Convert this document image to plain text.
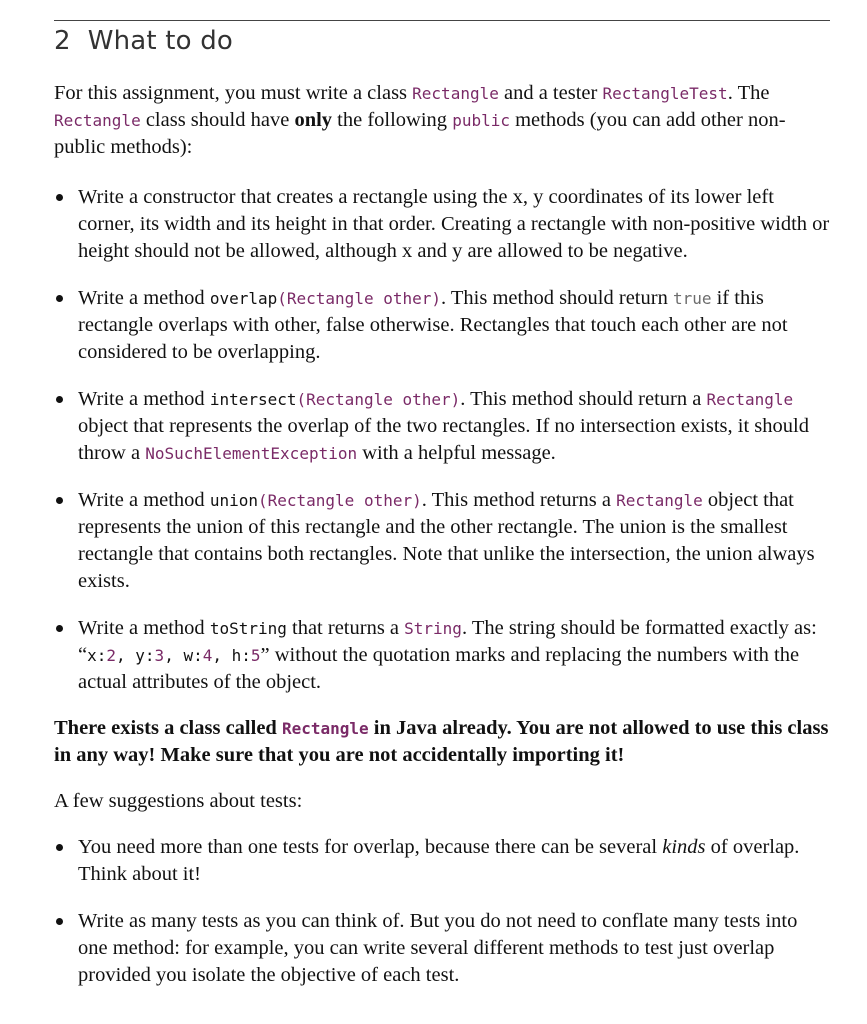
2 What to do

For this assignment, you must write a class Rectangle and a tester RectangleTest. The Rectangle class should have only the following public methods (you can add other non-public methods):

Write a constructor that creates a rectangle using the x, y coordinates of its lower left corner, its width and its height in that order. Creating a rectangle with non-positive width or height should not be allowed, although x and y are allowed to be negative.
Write a method overlap(Rectangle other). This method should return true if this rectangle overlaps with other, false otherwise. Rectangles that touch each other are not considered to be overlapping.
Write a method intersect(Rectangle other). This method should return a Rectangle object that represents the overlap of the two rectangles. If no intersection exists, it should throw a NoSuchElementException with a helpful message.
Write a method union(Rectangle other). This method returns a Rectangle object that represents the union of this rectangle and the other rectangle. The union is the smallest rectangle that contains both rectangles. Note that unlike the intersection, the union always exists.
Write a method toString that returns a String. The string should be formatted exactly as: “x:2, y:3, w:4, h:5” without the quotation marks and replacing the numbers with the actual attributes of the object.

There exists a class called Rectangle in Java already. You are not allowed to use this class in any way! Make sure that you are not accidentally importing it!

A few suggestions about tests:

You need more than one tests for overlap, because there can be several kinds of overlap. Think about it!
Write as many tests as you can think of. But you do not need to conflate many tests into one method: for example, you can write several different methods to test just overlap provided you isolate the objective of each test.
